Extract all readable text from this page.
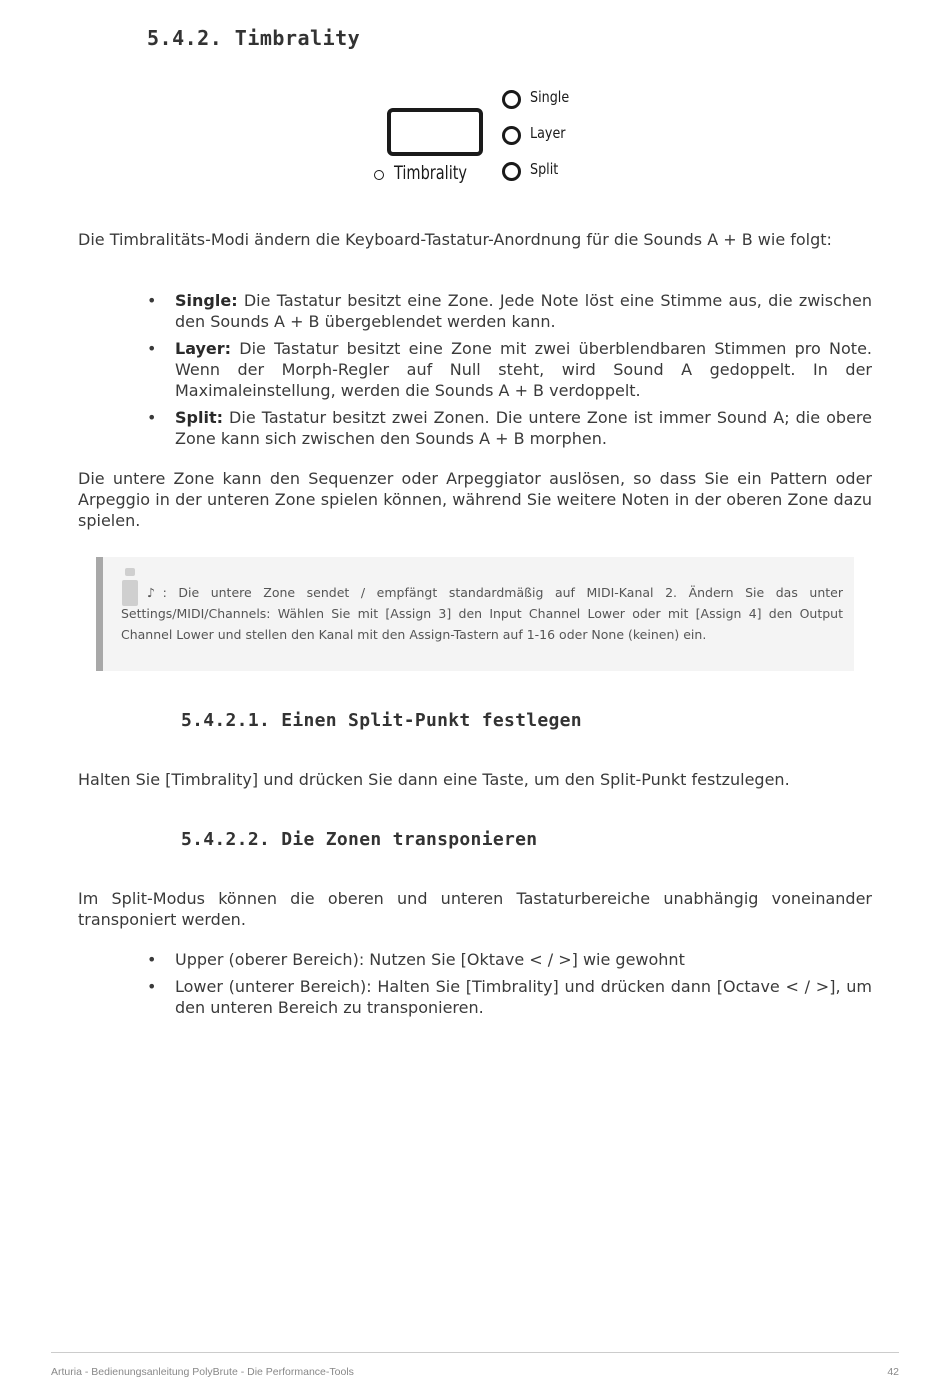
5.4.2. Timbrality
Timbrality
Single
Layer
Split

Die Timbralitäts-Modi ändern die Keyboard-Tastatur-Anordnung für die Sounds A + B wie folgt:

• Single: Die Tastatur besitzt eine Zone. Jede Note löst eine Stimme aus, die zwischen den Sounds A + B übergeblendet werden kann.
• Layer: Die Tastatur besitzt eine Zone mit zwei überblendbaren Stimmen pro Note. Wenn der Morph-Regler auf Null steht, wird Sound A gedoppelt. In der Maximaleinstellung, werden die Sounds A + B verdoppelt.
• Split: Die Tastatur besitzt zwei Zonen. Die untere Zone ist immer Sound A; die obere Zone kann sich zwischen den Sounds A + B morphen.

Die untere Zone kann den Sequenzer oder Arpeggiator auslösen, so dass Sie ein Pattern oder Arpeggio in der unteren Zone spielen können, während Sie weitere Noten in der oberen Zone dazu spielen.

♪: Die untere Zone sendet / empfängt standardmäßig auf MIDI-Kanal 2. Ändern Sie das unter Settings/MIDI/Channels: Wählen Sie mit [Assign 3] den Input Channel Lower oder mit [Assign 4] den Output Channel Lower und stellen den Kanal mit den Assign-Tastern auf 1-16 oder None (keinen) ein.

5.4.2.1. Einen Split-Punkt festlegen

Halten Sie [Timbrality] und drücken Sie dann eine Taste, um den Split-Punkt festzulegen.

5.4.2.2. Die Zonen transponieren

Im Split-Modus können die oberen und unteren Tastaturbereiche unabhängig voneinander transponiert werden.

• Upper (oberer Bereich): Nutzen Sie [Oktave < / >] wie gewohnt
• Lower (unterer Bereich): Halten Sie [Timbrality] und drücken dann [Octave < / >], um den unteren Bereich zu transponieren.
Arturia - Bedienungsanleitung PolyBrute - Die Performance-Tools	42
